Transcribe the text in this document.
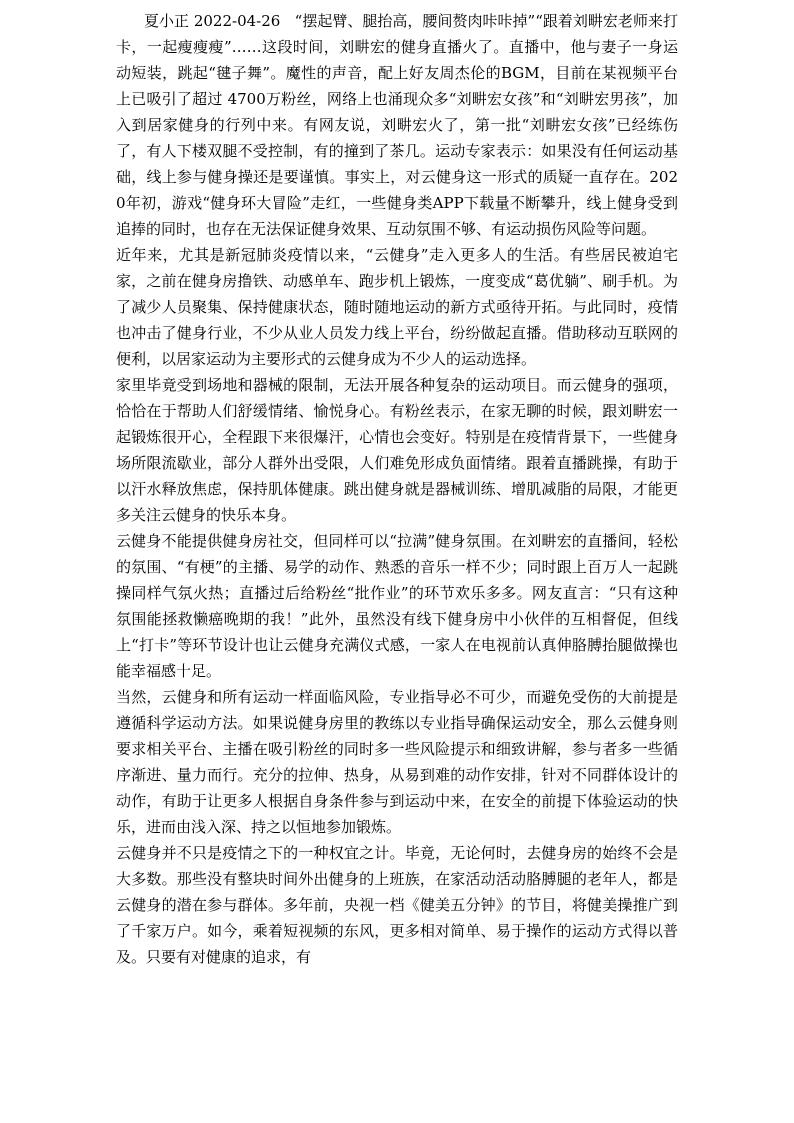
夏小正 2022-04-26 “摆起臂、腿抬高，腰间赘肉咔咔掉”“跟着刘畊宏老师来打卡，一起瘦瘦瘦”……这段时间，刘畊宏的健身直播火了。直播中，他与妻子一身运动短装，跳起“毽子舞”。魔性的声音，配上好友周杰伦的BGM，目前在某视频平台上已吸引了超过 4700万粉丝，网络上也涌现众多“刘畊宏女孩”和“刘畊宏男孩”，加入到居家健身的行列中来。有网友说，刘畊宏火了，第一批“刘畊宏女孩”已经练伤了，有人下楼双腿不受控制，有的撞到了茶几。运动专家表示：如果没有任何运动基础，线上参与健身操还是要谨慎。事实上，对云健身这一形式的质疑一直存在。2020年初，游戏“健身环大冒险”走红，一些健身类APP下载量不断攀升，线上健身受到追捧的同时，也存在无法保证健身效果、互动氛围不够、有运动损伤风险等问题。

近年来，尤其是新冠肺炎疫情以来，“云健身”走入更多人的生活。有些居民被迫宅家，之前在健身房撸铁、动感单车、跑步机上锻炼，一度变成“葛优躺”、刷手机。为了减少人员聚集、保持健康状态，随时随地运动的新方式亟待开拓。与此同时，疫情也冲击了健身行业，不少从业人员发力线上平台，纷纷做起直播。借助移动互联网的便利，以居家运动为主要形式的云健身成为不少人的运动选择。

家里毕竟受到场地和器械的限制，无法开展各种复杂的运动项目。而云健身的强项，恰恰在于帮助人们舒缓情绪、愉悦身心。有粉丝表示，在家无聊的时候，跟刘畊宏一起锻炼很开心，全程跟下来很爆汗，心情也会变好。特别是在疫情背景下，一些健身场所限流歇业，部分人群外出受限，人们难免形成负面情绪。跟着直播跳操，有助于以汗水释放焦虑，保持肌体健康。跳出健身就是器械训练、增肌减脂的局限，才能更多关注云健身的快乐本身。

云健身不能提供健身房社交，但同样可以“拉满”健身氛围。在刘畊宏的直播间，轻松的氛围、“有梗”的主播、易学的动作、熟悉的音乐一样不少；同时跟上百万人一起跳操同样气氛火热；直播过后给粉丝“批作业”的环节欢乐多多。网友直言：“只有这种氛围能拯救懒癌晚期的我！”此外，虽然没有线下健身房中小伙伴的互相督促，但线上“打卡”等环节设计也让云健身充满仪式感，一家人在电视前认真伸胳膊抬腿做操也能幸福感十足。

当然，云健身和所有运动一样面临风险，专业指导必不可少，而避免受伤的大前提是遵循科学运动方法。如果说健身房里的教练以专业指导确保运动安全，那么云健身则要求相关平台、主播在吸引粉丝的同时多一些风险提示和细致讲解，参与者多一些循序渐进、量力而行。充分的拉伸、热身，从易到难的动作安排，针对不同群体设计的动作，有助于让更多人根据自身条件参与到运动中来，在安全的前提下体验运动的快乐，进而由浅入深、持之以恒地参加锻炼。

云健身并不只是疫情之下的一种权宜之计。毕竟，无论何时，去健身房的始终不会是大多数。那些没有整块时间外出健身的上班族，在家活动活动胳膊腿的老年人，都是云健身的潜在参与群体。多年前，央视一档《健美五分钟》的节目，将健美操推广到了千家万户。如今，乘着短视频的东风，更多相对简单、易于操作的运动方式得以普及。只要有对健康的追求，有
